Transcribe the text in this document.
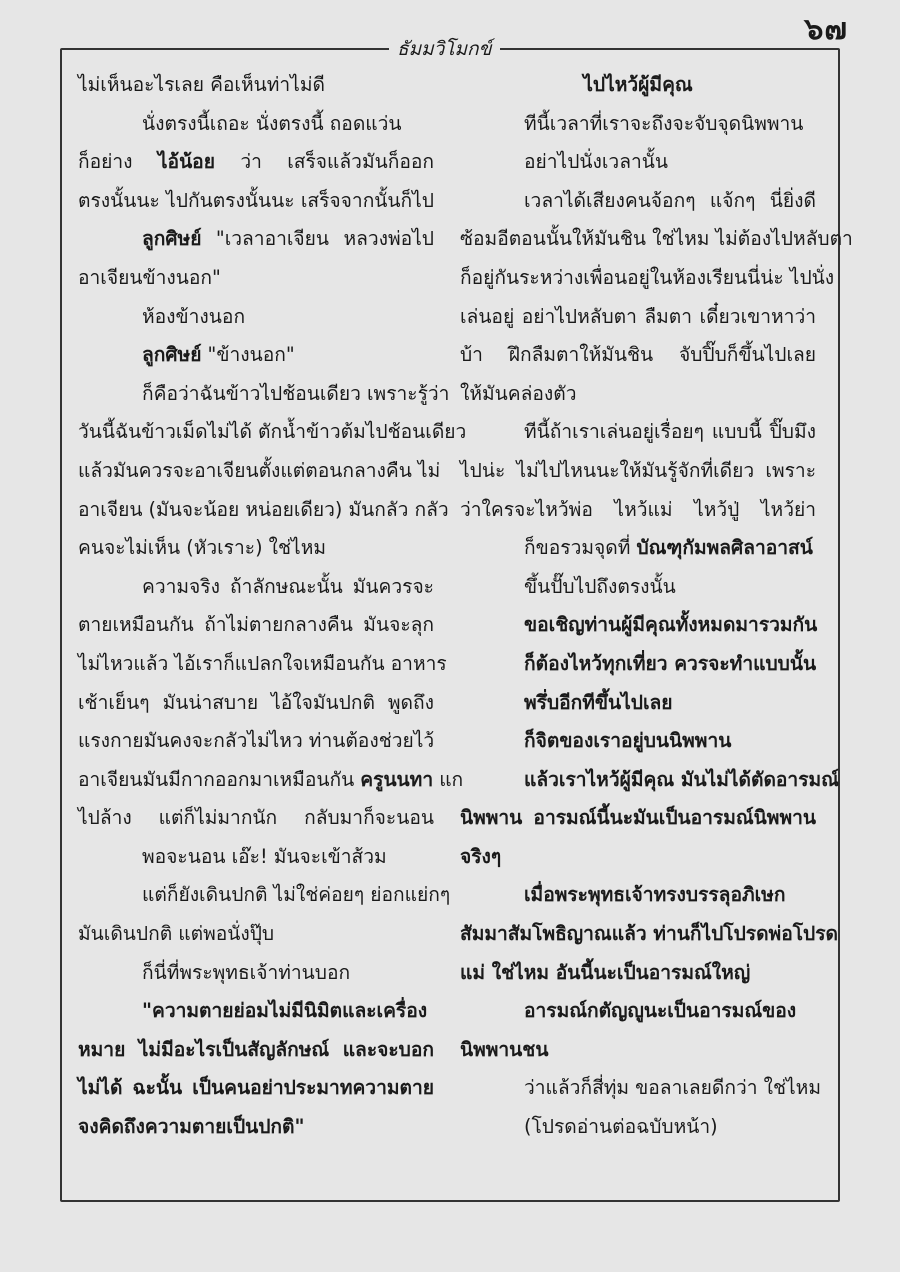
๖๗
ธัมมวิโมกข์

ไม่เห็นอะไรเลย คือเห็นท่าไม่ดี

นั่งตรงนี้เถอะ นั่งตรงนี้ ถอดแว่น

ก็อย่าง ไอ้น้อย ว่า เสร็จแล้วมันก็ออก

ตรงนั้นนะ ไปกันตรงนั้นนะ เสร็จจากนั้นก็ไป

ลูกศิษย์ "เวลาอาเจียน หลวงพ่อไป

อาเจียนข้างนอก"

ห้องข้างนอก

ลูกศิษย์ "ข้างนอก"

ก็คือว่าฉันข้าวไปช้อนเดียว เพราะรู้ว่า

วันนี้ฉันข้าวเม็ดไม่ได้ ตักน้ำข้าวต้มไปช้อนเดียว

แล้วมันควรจะอาเจียนตั้งแต่ตอนกลางคืน ไม่

อาเจียน (มันจะน้อย หน่อยเดียว) มันกลัว กลัว

คนจะไม่เห็น (หัวเราะ) ใช่ไหม

ความจริง ถ้าลักษณะนั้น มันควรจะ

ตายเหมือนกัน ถ้าไม่ตายกลางคืน มันจะลุก

ไม่ไหวแล้ว ไอ้เราก็แปลกใจเหมือนกัน อาหาร

เช้าเย็นๆ มันน่าสบาย ไอ้ใจมันปกติ พูดถึง

แรงกายมันคงจะกลัวไม่ไหว ท่านต้องช่วยไว้

อาเจียนมันมีกากออกมาเหมือนกัน ครูนนทา แก

ไปล้าง แต่ก็ไม่มากนัก กลับมาก็จะนอน

พอจะนอน เอ๊ะ! มันจะเข้าส้วม

แต่ก็ยังเดินปกติ ไม่ใช่ค่อยๆ ย่อกแย่กๆ

มันเดินปกติ แต่พอนั่งปุ๊บ

ก็นี่ที่พระพุทธเจ้าท่านบอก

"ความตายย่อมไม่มีนิมิตและเครื่อง

หมาย ไม่มีอะไรเป็นสัญลักษณ์ และจะบอก

ไม่ได้ ฉะนั้น เป็นคนอย่าประมาทความตาย

จงคิดถึงความตายเป็นปกติ"

ไปไหว้ผู้มีคุณ

ทีนี้เวลาที่เราจะถึงจะจับจุดนิพพาน

อย่าไปนั่งเวลานั้น

เวลาได้เสียงคนจ้อกๆ แจ้กๆ นี่ยิ่งดี

ซ้อมอีตอนนั้นให้มันชิน ใช่ไหม ไม่ต้องไปหลับตา

ก็อยู่กันระหว่างเพื่อนอยู่ในห้องเรียนนี่น่ะ ไปนั่ง

เล่นอยู่ อย่าไปหลับตา ลืมตา เดี๋ยวเขาหาว่า

บ้า ฝึกลืมตาให้มันชิน จับปิ๊บก็ขึ้นไปเลย

ให้มันคล่องตัว

ทีนี้ถ้าเราเล่นอยู่เรื่อยๆ แบบนี้ ปิ๊บมึง

ไปน่ะ ไม่ไปไหนนะให้มันรู้จักที่เดียว เพราะ

ว่าใครจะไหว้พ่อ ไหว้แม่ ไหว้ปู่ ไหว้ย่า

ก็ขอรวมจุดที่ บัณฑุกัมพลศิลาอาสน์

ขึ้นปั๊บไปถึงตรงนั้น

ขอเชิญท่านผู้มีคุณทั้งหมดมารวมกัน

ก็ต้องไหว้ทุกเที่ยว ควรจะทำแบบนั้น

พรึ่บอีกทีขึ้นไปเลย

ก็จิตของเราอยู่บนนิพพาน

แล้วเราไหว้ผู้มีคุณ มันไม่ได้ตัดอารมณ์

นิพพาน อารมณ์นี้นะมันเป็นอารมณ์นิพพาน

จริงๆ

เมื่อพระพุทธเจ้าทรงบรรลุอภิเษก

สัมมาสัมโพธิญาณแล้ว ท่านก็ไปโปรดพ่อโปรด

แม่ ใช่ไหม อันนี้นะเป็นอารมณ์ใหญ่

อารมณ์กตัญญูนะเป็นอารมณ์ของ

นิพพานชน

ว่าแล้วก็สี่ทุ่ม ขอลาเลยดีกว่า ใช่ไหม

(โปรดอ่านต่อฉบับหน้า)
